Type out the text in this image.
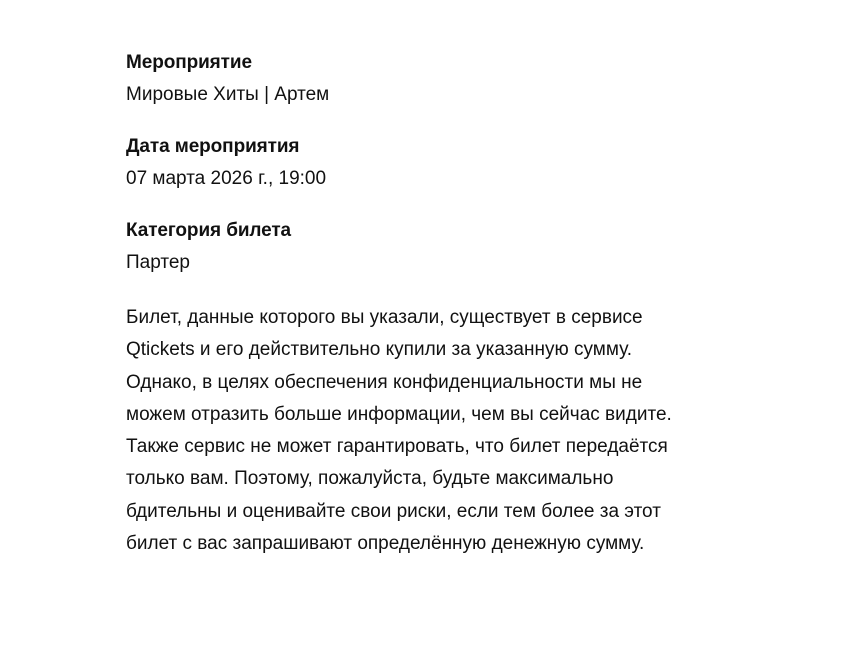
Мероприятие
Мировые Хиты | Артем
Дата мероприятия
07 марта 2026 г., 19:00
Категория билета
Партер
Билет, данные которого вы указали, существует в сервисе Qtickets и его действительно купили за указанную сумму. Однако, в целях обеспечения конфиденциальности мы не можем отразить больше информации, чем вы сейчас видите. Также сервис не может гарантировать, что билет передаётся только вам. Поэтому, пожалуйста, будьте максимально бдительны и оценивайте свои риски, если тем более за этот билет с вас запрашивают определённую денежную сумму.
